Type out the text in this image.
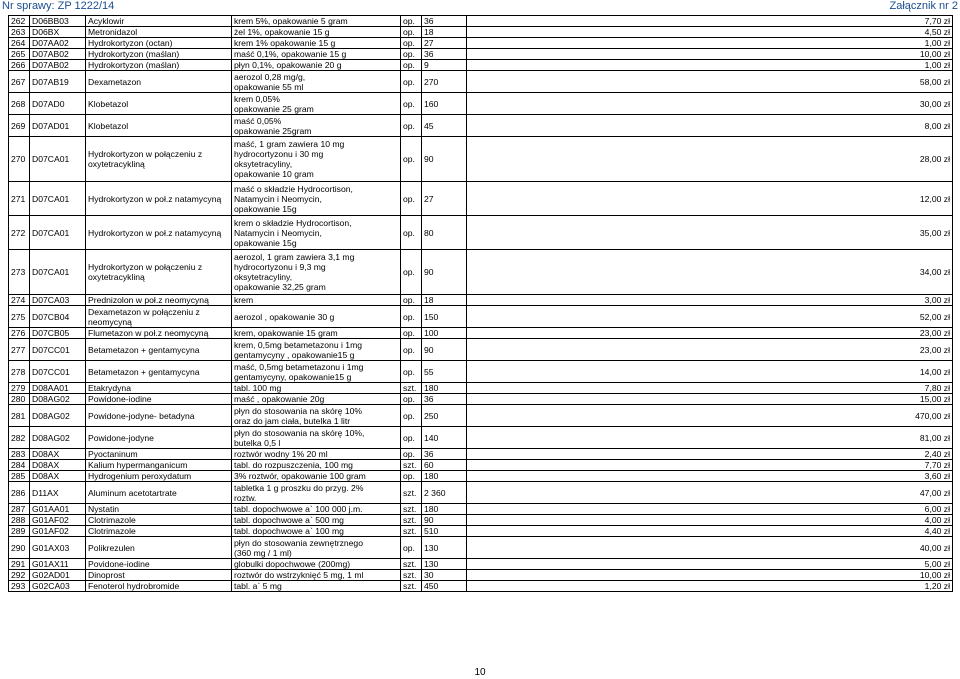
Nr sprawy: ZP 1222/14	Załącznik nr 2
262	D06BB03	Acyklowir	krem 5%, opakowanie 5 gram	op.	36	7,70 zł
263	D06BX	Metronidazol	żel 1%, opakowanie 15 g	op.	18	4,50 zł
264	D07AA02	Hydrokortyzon (octan)	krem 1% opakowanie 15 g	op.	27	1,00 zł
265	D07AB02	Hydrokortyzon (maślan)	maść 0,1%, opakowanie 15 g	op.	36	10,00 zł
266	D07AB02	Hydrokortyzon (maślan)	płyn 0,1%, opakowanie 20 g	op.	9	1,00 zł
267	D07AB19	Dexametazon	aerozol 0,28 mg/g,
opakowanie 55 ml	op.	270	58,00 zł
268	D07AD0	Klobetazol	krem 0,05%
opakowanie 25 gram	op.	160	30,00 zł
269	D07AD01	Klobetazol	maść 0,05%
opakowanie 25gram	op.	45	8,00 zł
270	D07CA01	Hydrokortyzon w połączeniu z
oxytetracykliną	maść, 1 gram zawiera 10 mg
hydrocortyzonu i 30 mg
oksytetracyliny,
opakowanie 10 gram	op.	90	28,00 zł
271	D07CA01	Hydrokortyzon w poł.z natamycyną	maść o składzie Hydrocortison,
Natamycin i Neomycin,
opakowanie 15g	op.	27	12,00 zł
272	D07CA01	Hydrokortyzon w poł.z natamycyną	krem o składzie Hydrocortison,
Natamycin i Neomycin,
opakowanie 15g	op.	80	35,00 zł
273	D07CA01	Hydrokortyzon w połączeniu z
oxytetracykliną	aerozol, 1 gram zawiera 3,1 mg
hydrocortyzonu i 9,3 mg
oksytetracyliny,
opakowanie 32,25 gram	op.	90	34,00 zł
274	D07CA03	Prednizolon w poł.z neomycyną	krem	op.	18	3,00 zł
275	D07CB04	Dexametazon w połączeniu z
neomycyną	aerozol , opakowanie 30 g	op.	150	52,00 zł
276	D07CB05	Flumetazon w poł.z neomycyną	krem, opakowanie 15 gram	op.	100	23,00 zł
277	D07CC01	Betametazon + gentamycyna	krem, 0,5mg betametazonu i 1mg
gentamycyny , opakowanie15 g	op.	90	23,00 zł
278	D07CC01	Betametazon + gentamycyna	maść, 0,5mg betametazonu i 1mg
gentamycyny, opakowanie15 g	op.	55	14,00 zł
279	D08AA01	Etakrydyna	tabl. 100 mg	szt.	180	7,80 zł
280	D08AG02	Powidone-iodine	maść , opakowanie 20g	op.	36	15,00 zł
281	D08AG02	Powidone-jodyne- betadyna	płyn do stosowania na skórę 10%
oraz do jam ciała, butelka 1 litr	op.	250	470,00 zł
282	D08AG02	Powidone-jodyne	płyn do stosowania na skórę 10%,
butelka 0,5 l	op.	140	81,00 zł
283	D08AX	Pyoctaninum	roztwór wodny 1% 20 ml	op.	36	2,40 zł
284	D08AX	Kalium hypermanganicum	tabl. do rozpuszczenia, 100 mg	szt.	60	7,70 zł
285	D08AX	Hydrogenium peroxydatum	3% roztwór, opakowanie 100 gram	op.	180	3,60 zł
286	D11AX	Aluminum acetotartrate	tabletka 1 g proszku do przyg. 2%
roztw.	szt.	2 360	47,00 zł
287	G01AA01	Nystatin	tabl. dopochwowe a` 100 000 j.m.	szt.	180	6,00 zł
288	G01AF02	Clotrimazole	tabl. dopochwowe a` 500 mg	szt.	90	4,00 zł
289	G01AF02	Clotrimazole	tabl. dopochwowe a` 100 mg	szt.	510	4,40 zł
290	G01AX03	Polikrezulen	płyn do stosowania zewnętrznego
(360 mg / 1 ml)	op.	130	40,00 zł
291	G01AX11	Povidone-iodine	globulki dopochwowe (200mg)	szt.	130	5,00 zł
292	G02AD01	Dinoprost	roztwór do wstrzyknięć 5 mg, 1 ml	szt.	30	10,00 zł
293	G02CA03	Fenoterol hydrobromide	tabl. a` 5 mg	szt.	450	1,20 zł
10
